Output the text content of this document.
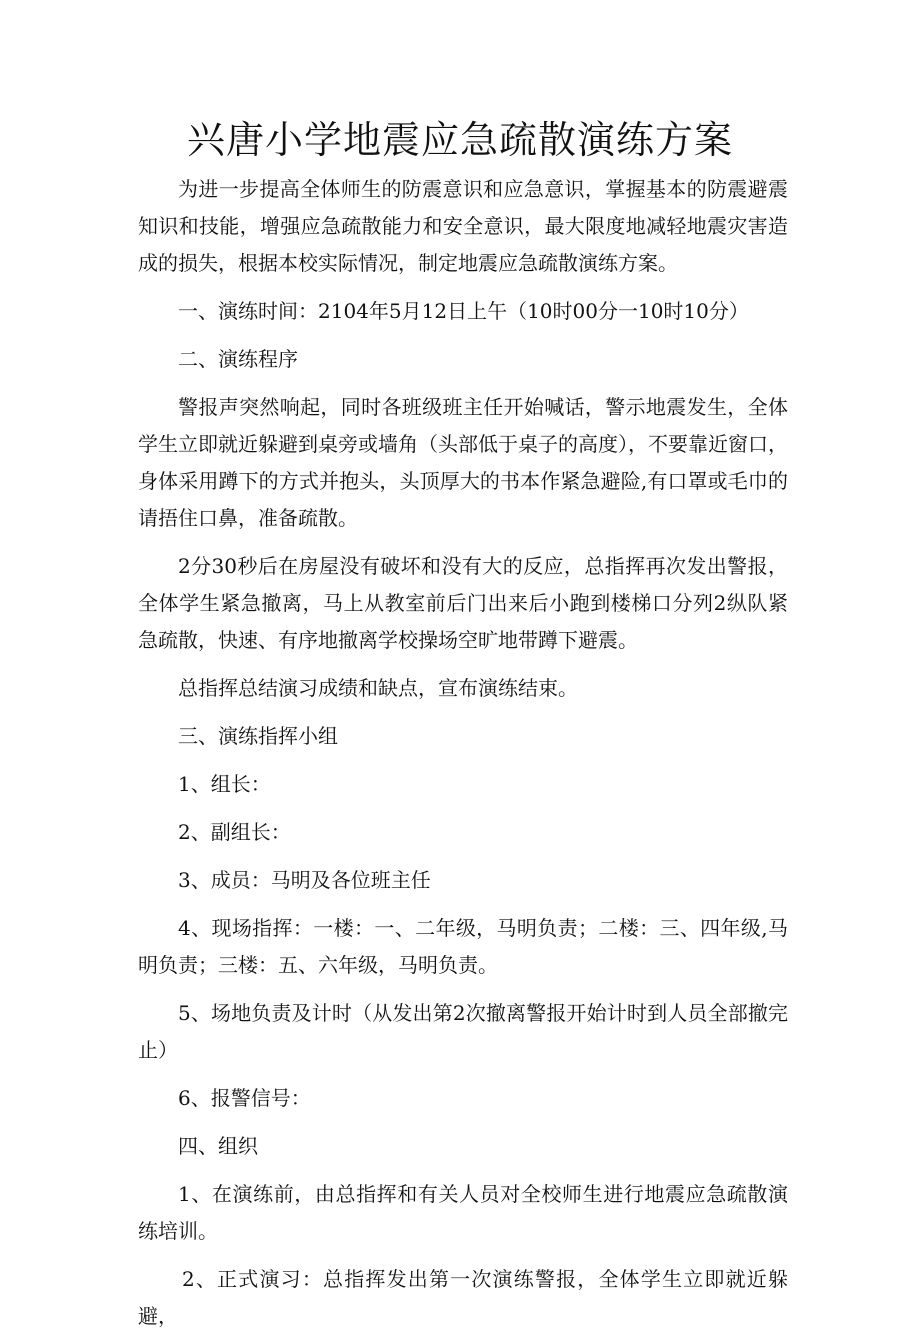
兴唐小学地震应急疏散演练方案

为进一步提高全体师生的防震意识和应急意识，掌握基本的防震避震知识和技能，增强应急疏散能力和安全意识，最大限度地减轻地震灾害造成的损失，根据本校实际情况，制定地震应急疏散演练方案。

一、演练时间：2104年5月12日上午（10时00分一10时10分）

二、演练程序

警报声突然响起，同时各班级班主任开始喊话，警示地震发生，全体学生立即就近躲避到桌旁或墙角（头部低于桌子的高度），不要靠近窗口，身体采用蹲下的方式并抱头，头顶厚大的书本作紧急避险,有口罩或毛巾的请捂住口鼻，准备疏散。

2分30秒后在房屋没有破坏和没有大的反应，总指挥再次发出警报，全体学生紧急撤离，马上从教室前后门出来后小跑到楼梯口分列2纵队紧急疏散，快速、有序地撤离学校操场空旷地带蹲下避震。

总指挥总结演习成绩和缺点，宣布演练结束。

三、演练指挥小组

1、组长：

2、副组长：

3、成员：马明及各位班主任

4、现场指挥：一楼：一、二年级，马明负责；二楼：三、四年级,马明负责；三楼：五、六年级，马明负责。

5、场地负责及计时（从发出第2次撤离警报开始计时到人员全部撤完止）

6、报警信号：

四、组织

1、在演练前，由总指挥和有关人员对全校师生进行地震应急疏散演练培训。

2、正式演习：总指挥发出第一次演练警报，全体学生立即就近躲避，
